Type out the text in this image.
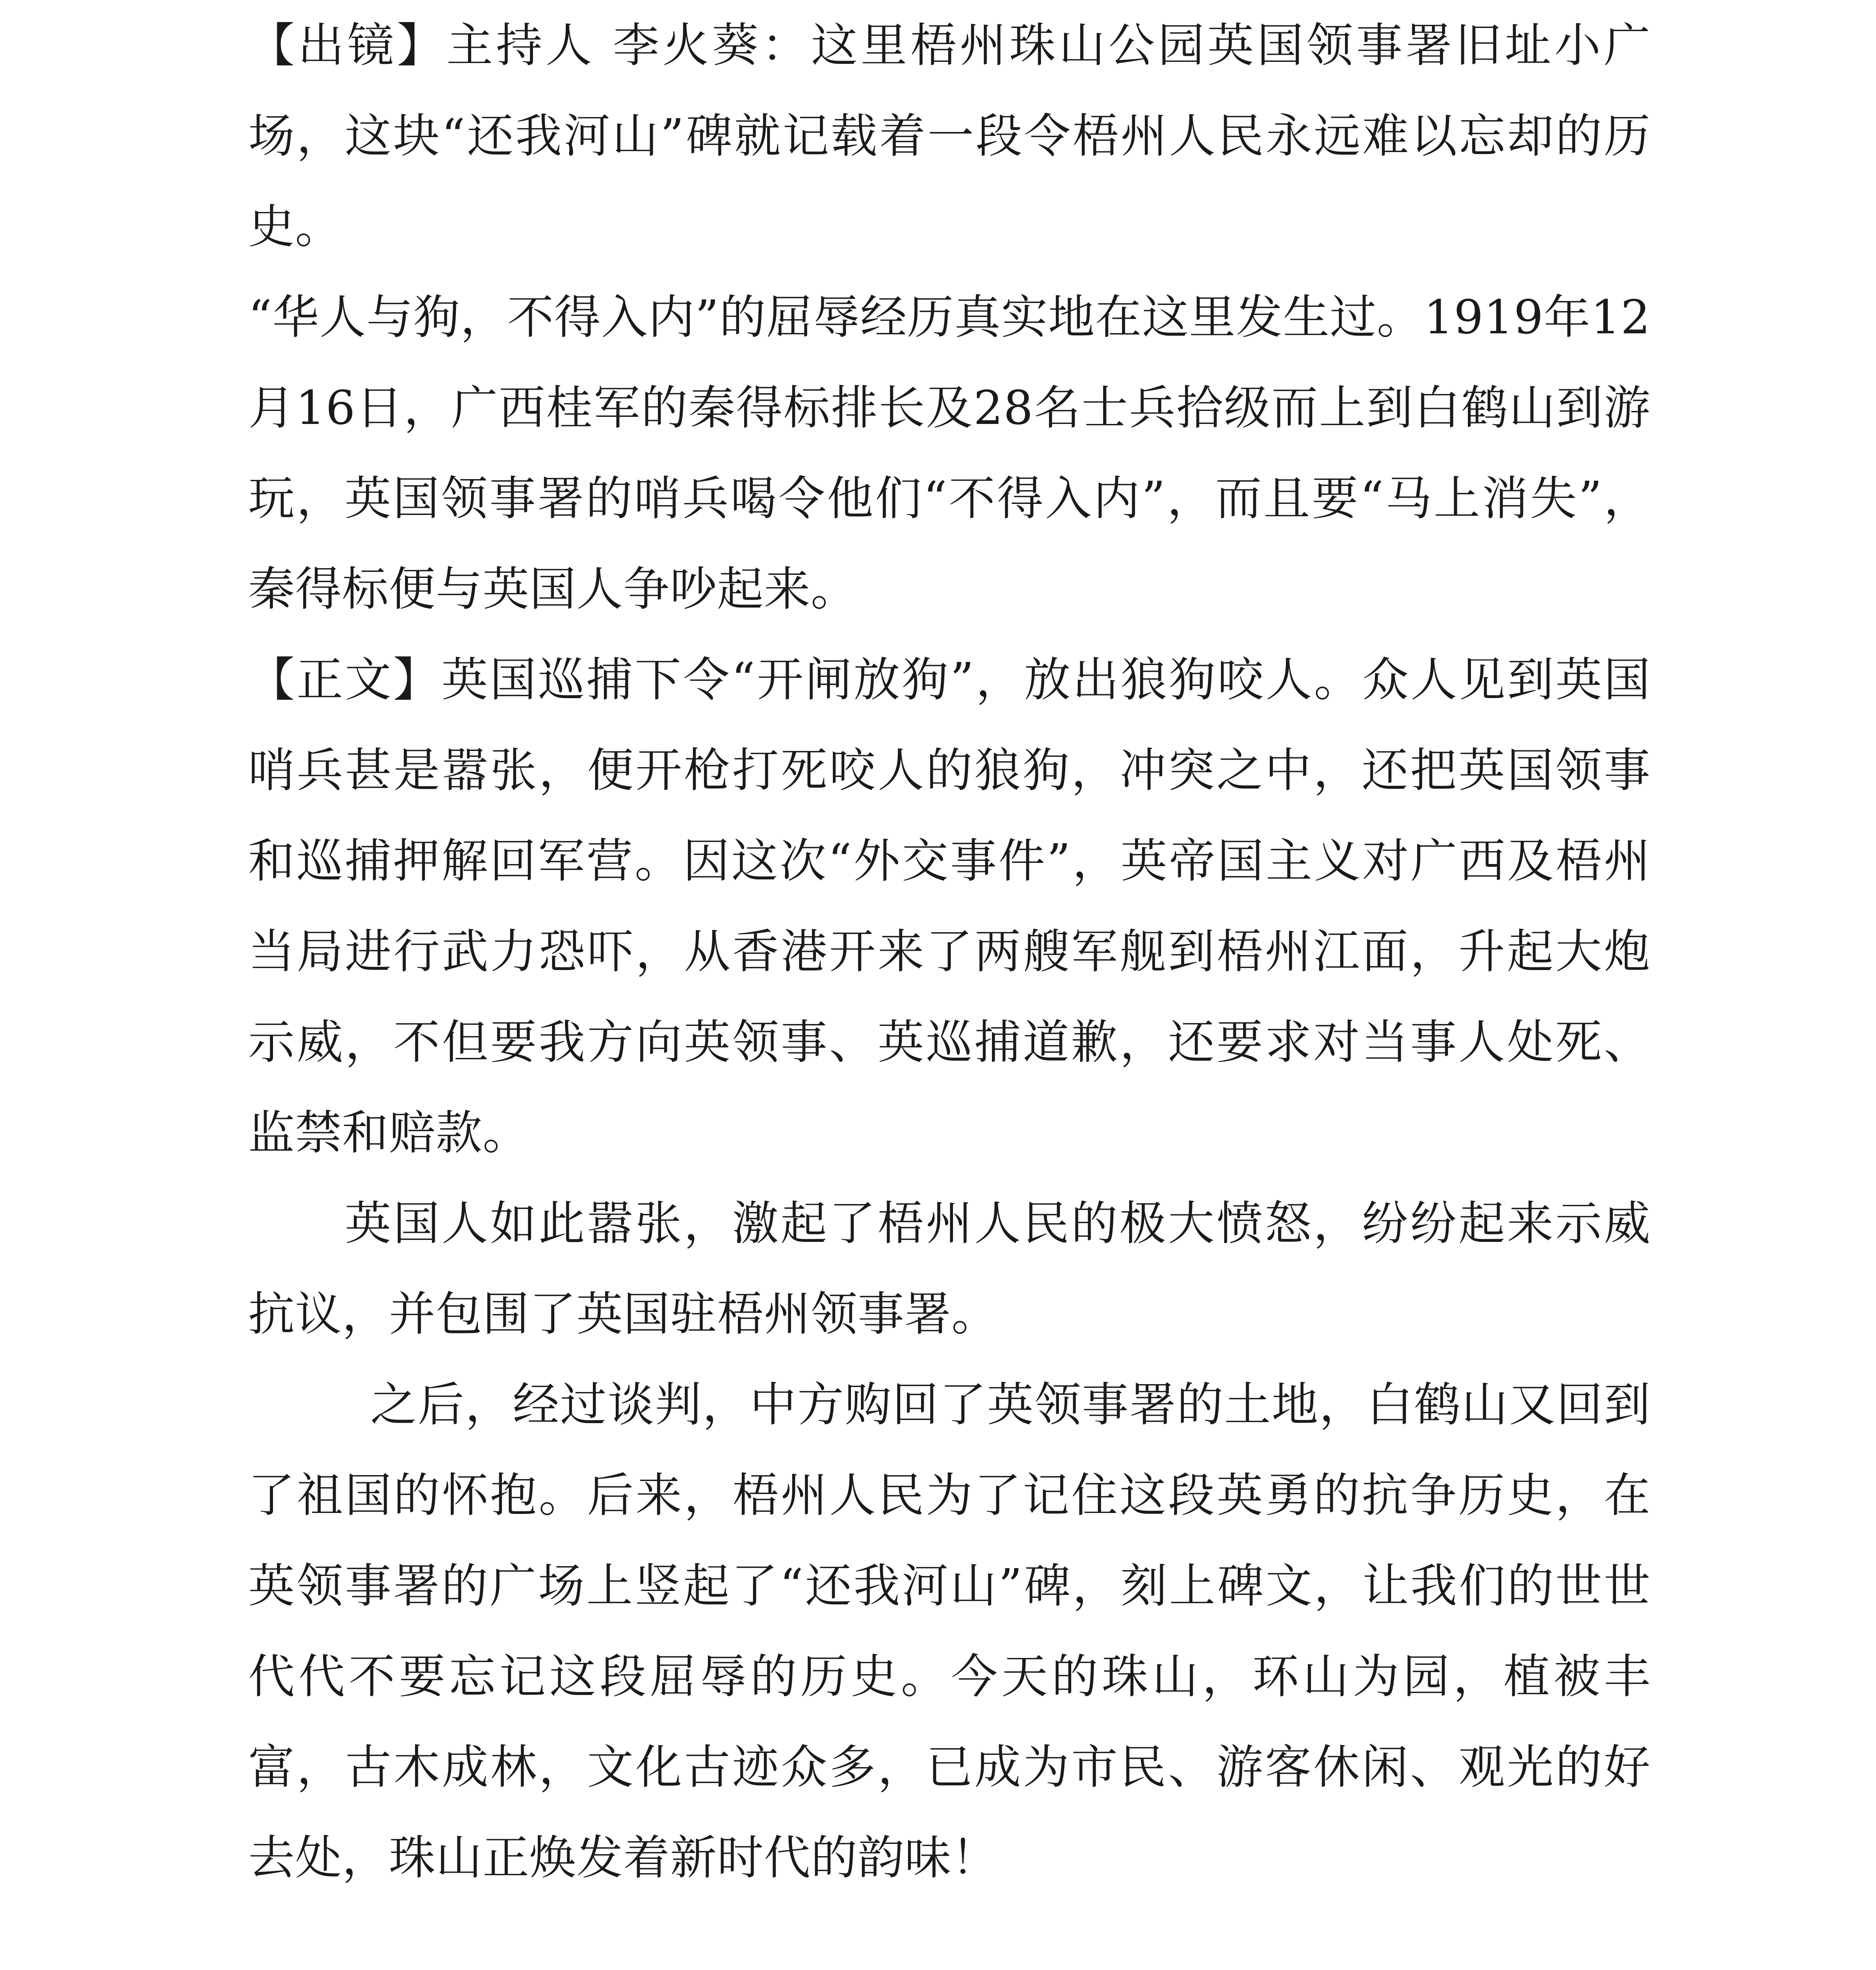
【出镜】主持人 李火葵：这里梧州珠山公园英国领事署旧址小广场，这块“还我河山”碑就记载着一段令梧州人民永远难以忘却的历史。

“华人与狗，不得入内”的屈辱经历真实地在这里发生过。1919年12月16日，广西桂军的秦得标排长及28名士兵拾级而上到白鹤山到游玩，英国领事署的哨兵喝令他们“不得入内”，而且要“马上消失”，秦得标便与英国人争吵起来。

【正文】英国巡捕下令“开闸放狗”，放出狼狗咬人。众人见到英国哨兵甚是嚣张，便开枪打死咬人的狼狗，冲突之中，还把英国领事和巡捕押解回军营。因这次“外交事件”，英帝国主义对广西及梧州当局进行武力恐吓，从香港开来了两艘军舰到梧州江面，升起大炮示威，不但要我方向英领事、英巡捕道歉，还要求对当事人处死、监禁和赔款。

英国人如此嚣张，激起了梧州人民的极大愤怒，纷纷起来示威抗议，并包围了英国驻梧州领事署。

之后，经过谈判，中方购回了英领事署的土地，白鹤山又回到了祖国的怀抱。后来，梧州人民为了记住这段英勇的抗争历史，在英领事署的广场上竖起了“还我河山”碑，刻上碑文，让我们的世世代代不要忘记这段屈辱的历史。今天的珠山，环山为园，植被丰富，古木成林，文化古迹众多，已成为市民、游客休闲、观光的好去处，珠山正焕发着新时代的韵味！
